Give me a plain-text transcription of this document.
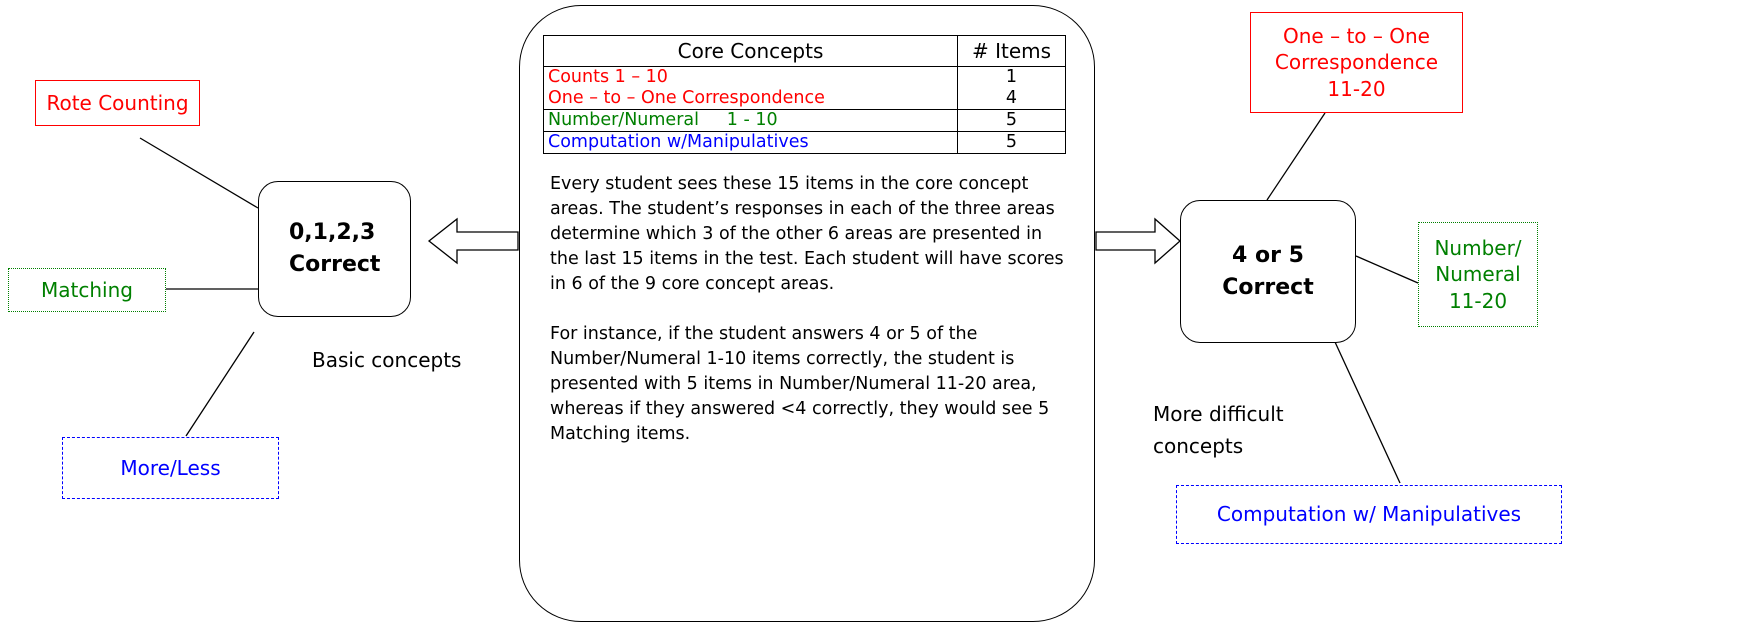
Rote Counting
Matching
More/Less
0,1,2,3
Correct
Basic concepts
Core Concepts	# Items
Counts 1 – 10	1
One – to – One Correspondence	4
Number/Numeral     1 - 10	5
Computation w/Manipulatives	5

Every student sees these 15 items in the core concept areas. The student’s responses in each of the three areas determine which 3 of the other 6 areas are presented in the last 15 items in the test. Each student will have scores in 6 of the 9 core concept areas.

For instance, if the student answers 4 or 5 of the Number/Numeral 1-10 items correctly, the student is presented with 5 items in Number/Numeral 11-20 area, whereas if they answered <4 correctly, they would see 5 Matching items.

One – to – One
Correspondence
11-20
4 or 5
Correct
Number/
Numeral
11-20

More difficult
concepts

Computation w/ Manipulatives
